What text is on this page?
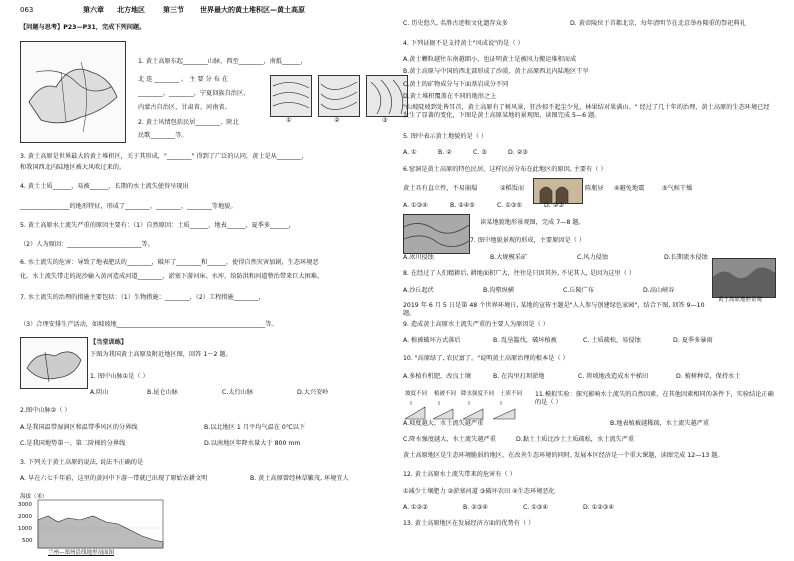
063	第六章 北方地区	第三节 世界最大的黄土堆积区—黄土高原
【问题与思考】P23—P31，完成下列问题。
1. 黄土高原东起________山脉，西至________，南抵______，
北 连 ________ 。 主 要 分 布 在
________、________、宁夏回族自治区、
内蒙古自治区、甘肃省、河南省。
2. 黄土风情包括民居________、陕北
民歌________等。
①	②	③
3. 黄土高原是世界最大的黄土堆积区，关于其形成，"________" 得到了广泛的认同，黄土是从________，
和我国西北内陆地区被大风吹过来的。
4. 黄土土质______，易被______，长期的水土流失使得呈现出
________________的地形特征，形成了________、________、________等地貌。
5. 黄土高原水土流失严重的原因主要有：（1）自然原因：土质______，地表______，夏季多______，
（2）人为原因：________________________等。
6. 水土流失的危害：导致了地表肥沃的________，破坏了________和______，使得自然灾害加剧，生态环境恶
化。水土流失带走的泥沙输入黄河造成河道________，淤塞下游河床、水库，给防洪和河道整治带来巨大困难。
7. 水土流失的治理的措施主要包括：（1）生物措施：________，（2）工程措施________，
（3）合理安排生产活动，如坡坡地________________________________________________等。
【当堂训练】
下图为我国黄土高原及附近地区图，回答 1～2 题。
1. 图中山脉①是（ ）
A.阴山	B.昆仑山脉	C.太行山脉	D.大兴安岭
2.图中山脉②（ ）
A.是我国温带湿润区和温带季风区的分界线	B.以北地区 1 月平均气温在 0℃以下
C.是我国地势第一、第二阶梯的分界线	D.以南地区年降水量大于 800 mm
3. 下列关于黄土高原的说法, 说法不正确的是
A. 早在六七千年前，这里的黄河中下游一带就已出现了原始农耕文明	B. 黄土高原曾经林草繁茂, 环境宜人
海拔（米）
3000
2000
1000
500
兰州—郑州沿线地形剖面图
C. 历史悠久, 名胜古迹和文化遗存众多	D. 黄帝陵位于首都北京，每年清明节在北京举办隆重的祭祀典礼
4. 下列证据不是支持黄土"风成说"的是（ ）
A.黄土颗粒越往东南越细小，也证明黄土是被风力搬运堆积而成
B.黄土高原与中国的西北部形成了沙漠、黄土高原西北内陆地区干旱
C.黄土的矿物成分与下面基岩成分不同
D.黄土堆积覆盖在不同的地形之上
"山坡陡坡到处皆耳首，黄土高原有了树风景，狂沙掠不起尘少见，林果结对果满山。" 经过了几十年的治理，黄土高原的生态环境已经发生了显著的变化，下图是黄土高原某地的景观图，读图完成 5—6 题。
5. 图中表示黄土地貌的是（ ）
A. ①	B. ②	C. ③	D. ②③
6.窑洞是黄土高原的特色民居，这样民居分布在此地区的原因, 主要有（ ）
黄土具有直立性，不易崩塌	②稻饭而	陈瓶昼 ④避免地震	⑤气候干燥
A. ①③④	B. ②④⑤	C. ①③⑤	D. ②③
读某地貌地形景观图，完成 7—8 题。
7. 图中地貌景观的形成，主要原因是（ ）
A.冰川侵蚀	B.大规模采矿	C.风力侵蚀	D.长期流水侵蚀
黄土高原地形景观
8. 在经过了人们精耕后, 耕地面积广大，往往是只因其外, 不见其人, 是因为这里（ ）
A.沙丘起伏	B.沟壑纵横	C.丘陵广布	D.高山峡谷
2019 年 6 月 5 日是第 48 个世界环境日, 某地的宣传主题是"人人参与创建绿色家园"，结合下图, 回答 9—10 题。
9. 造成黄土高原水土流失严重的主要人为原因是（ ）
A. 植被破坏方式落后	B. 乱垦滥伐，破坏植被	C. 土质疏松，易侵蚀	D. 夏季多暴雨
10. "高原绿了, 农民富了。"说明黄土高原治理的根本是（ ）
A.多植有机肥，改良土壤	B. 在沟里打坝淤地	C. 将坡地改造成水平梯田	D. 植树种草，保持水土
坡度不同 植被不同 降水强度不同 土质不同 11.模拟实验：探究影响水土流失的自然因素，在其他因素相同的条件下，实验结论正确的是（ ）
A.坡度越大，水土流失越严重	B.地表植被越稀疏，水土流失越严重
C.降水强度越大，水土流失越严重	D.黏土土质比沙土土质疏松，水土流失严重
黄土高原地区是生态环境脆弱的地区，在改善生态环境的同时, 发展本区经济是一个重大课题，读图完成 12—13 题。
12. 黄土高原水土流失带来的危害有（ ）
①减少土壤肥力 ②淤塞河道 ③破坏农田 ④生态环境恶化
A. ①②③	B. ②③④	C. ①③④	D. ①②③④
13. 黄土高原地区在发展经济方面的优势有（ ）
